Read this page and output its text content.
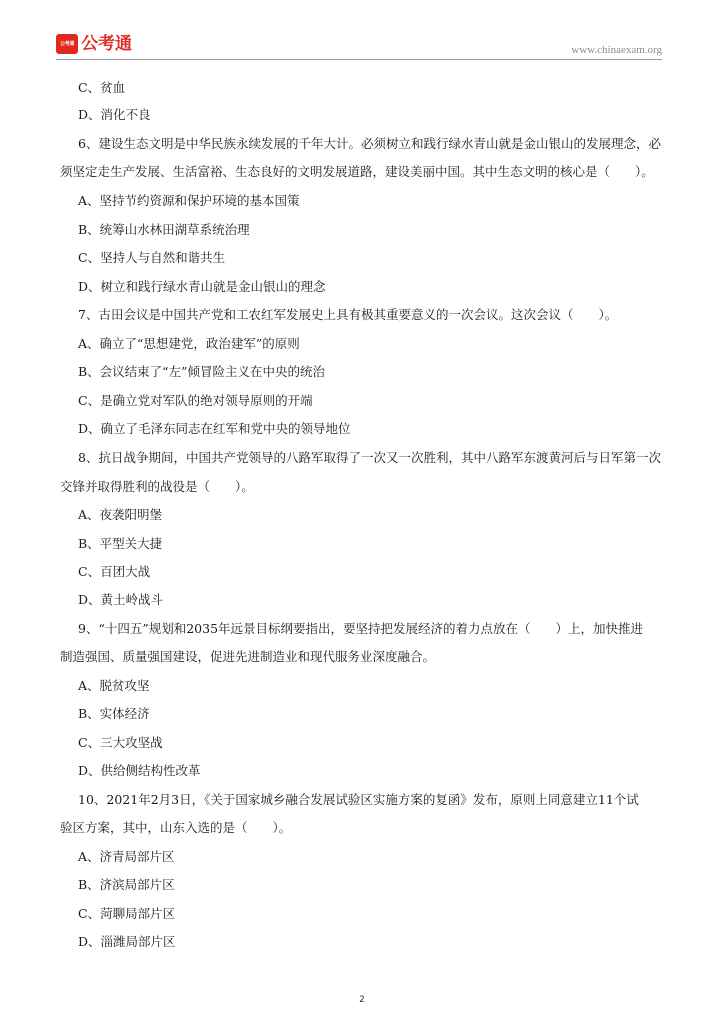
公考通 公考通	www.chinaexam.org
C、贫血
D、消化不良
6、建设生态文明是中华民族永续发展的千年大计。必须树立和践行绿水青山就是金山银山的发展理念，必
须坚定走生产发展、生活富裕、生态良好的文明发展道路，建设美丽中国。其中生态文明的核心是（　　）。
A、坚持节约资源和保护环境的基本国策
B、统筹山水林田湖草系统治理
C、坚持人与自然和谐共生
D、树立和践行绿水青山就是金山银山的理念
7、古田会议是中国共产党和工农红军发展史上具有极其重要意义的一次会议。这次会议（　　）。
A、确立了“思想建党，政治建军”的原则
B、会议结束了“左”倾冒险主义在中央的统治
C、是确立党对军队的绝对领导原则的开端
D、确立了毛泽东同志在红军和党中央的领导地位
8、抗日战争期间，中国共产党领导的八路军取得了一次又一次胜利，其中八路军东渡黄河后与日军第一次
交锋并取得胜利的战役是（　　）。
A、夜袭阳明堡
B、平型关大捷
C、百团大战
D、黄土岭战斗
9、“十四五”规划和2035年远景目标纲要指出，要坚持把发展经济的着力点放在（　　）上，加快推进
制造强国、质量强国建设，促进先进制造业和现代服务业深度融合。
A、脱贫攻坚
B、实体经济
C、三大攻坚战
D、供给侧结构性改革
10、2021年2月3日，《关于国家城乡融合发展试验区实施方案的复函》发布，原则上同意建立11个试
验区方案，其中，山东入选的是（　　）。
A、济青局部片区
B、济滨局部片区
C、菏聊局部片区
D、淄潍局部片区
2
